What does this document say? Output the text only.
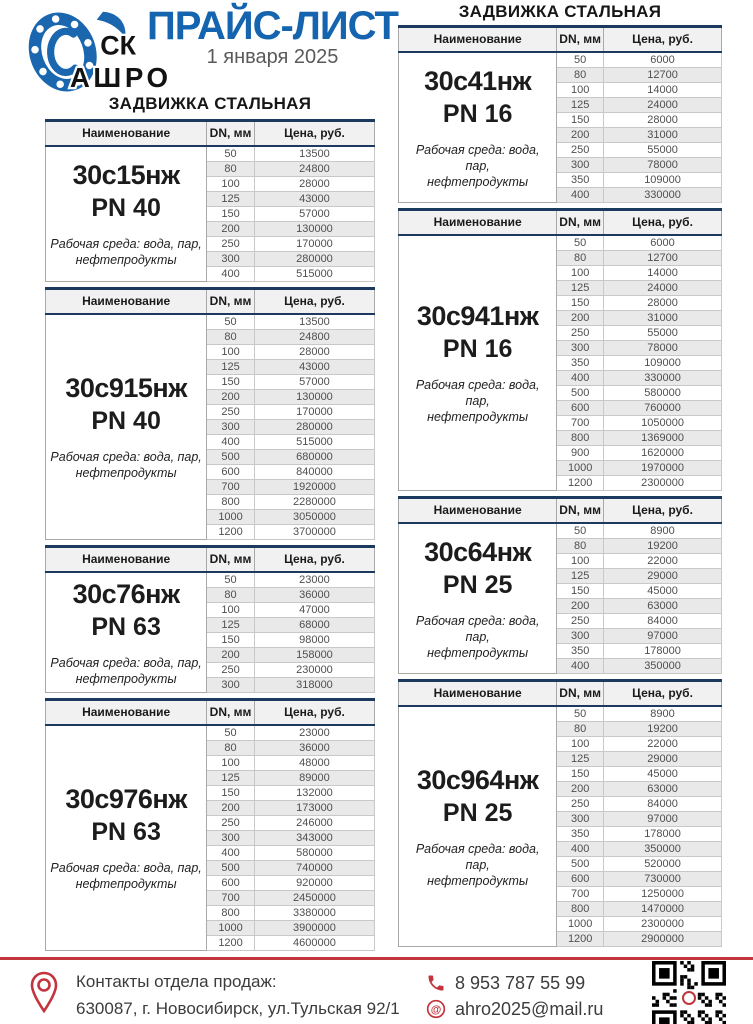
СК
АШРО
ПРАЙС-ЛИСТ
1 января 2025
ЗАДВИЖКА СТАЛЬНАЯ
ЗАДВИЖКА СТАЛЬНАЯ
Наименование	DN, мм	Цена, руб.

30с15нж
PN 40
Рабочая среда: вода, пар,
нефтепродукты	50	13500
	80	24800
	100	28000
	125	43000
	150	57000
	200	130000
	250	170000
	300	280000
	400	515000
Наименование	DN, мм	Цена, руб.

30с915нж
PN 40
Рабочая среда: вода, пар,
нефтепродукты	50	13500
	80	24800
	100	28000
	125	43000
	150	57000
	200	130000
	250	170000
	300	280000
	400	515000
	500	680000
	600	840000
	700	1920000
	800	2280000
	1000	3050000
	1200	3700000
Наименование	DN, мм	Цена, руб.

30с76нж
PN 63
Рабочая среда: вода, пар,
нефтепродукты	50	23000
	80	36000
	100	47000
	125	68000
	150	98000
	200	158000
	250	230000
	300	318000
Наименование	DN, мм	Цена, руб.

30с976нж
PN 63
Рабочая среда: вода, пар,
нефтепродукты	50	23000
	80	36000
	100	48000
	125	89000
	150	132000
	200	173000
	250	246000
	300	343000
	400	580000
	500	740000
	600	920000
	700	2450000
	800	3380000
	1000	3900000
	1200	4600000
Наименование	DN, мм	Цена, руб.

30с41нж
PN 16
Рабочая среда: вода, пар,
нефтепродукты	50	6000
	80	12700
	100	14000
	125	24000
	150	28000
	200	31000
	250	55000
	300	78000
	350	109000
	400	330000
Наименование	DN, мм	Цена, руб.

30с941нж
PN 16
Рабочая среда: вода, пар,
нефтепродукты	50	6000
	80	12700
	100	14000
	125	24000
	150	28000
	200	31000
	250	55000
	300	78000
	350	109000
	400	330000
	500	580000
	600	760000
	700	1050000
	800	1369000
	900	1620000
	1000	1970000
	1200	2300000
Наименование	DN, мм	Цена, руб.

30с64нж
PN 25
Рабочая среда: вода, пар,
нефтепродукты	50	8900
	80	19200
	100	22000
	125	29000
	150	45000
	200	63000
	250	84000
	300	97000
	350	178000
	400	350000
Наименование	DN, мм	Цена, руб.

30с964нж
PN 25
Рабочая среда: вода, пар,
нефтепродукты	50	8900
	80	19200
	100	22000
	125	29000
	150	45000
	200	63000
	250	84000
	300	97000
	350	178000
	400	350000
	500	520000
	600	730000
	700	1250000
	800	1470000
	1000	2300000
	1200	2900000
Контакты отдела продаж:
630087, г. Новосибирск, ул.Тульская 92/1
8 953 787 55 99
@ ahro2025@mail.ru
